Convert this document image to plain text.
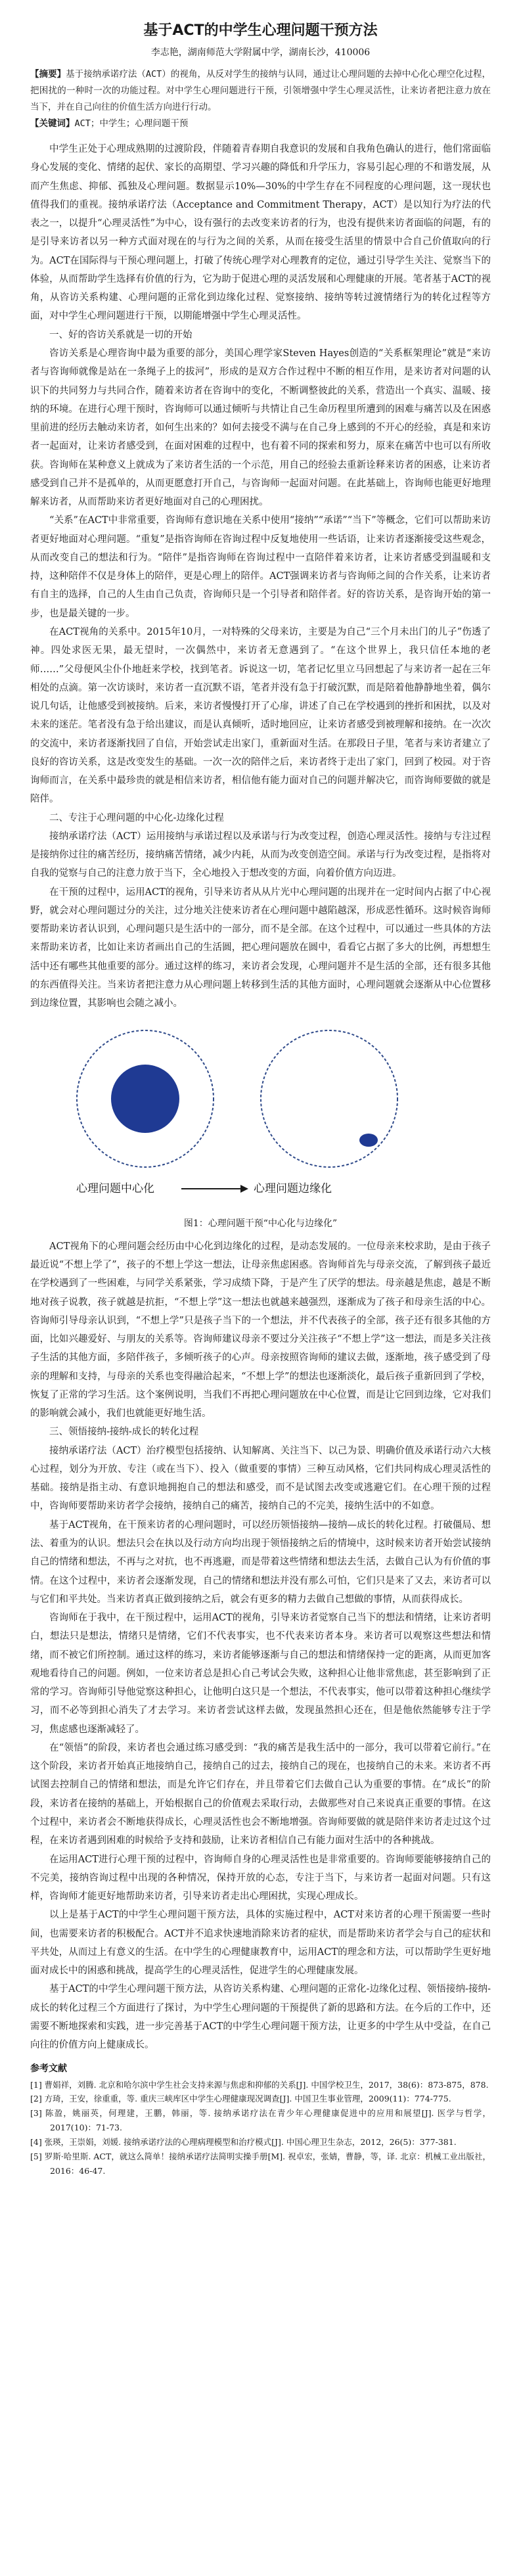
基于ACT的中学生心理问题干预方法
李志艳，湖南师范大学附属中学，湖南长沙，410006
【摘要】基于接纳承诺疗法（ACT）的视角，从反对学生的接纳与认同，通过让心理问题的去掉中心化心理空化过程，把困扰的一种时一次的功能过程。对中学生心理问题进行干预，引领增强中学生心理灵活性，让来访者把注意力放在当下，并在自己向往的价值生活方向进行行动。
【关键词】ACT；中学生；心理问题干预

中学生正处于心理成熟期的过渡阶段，伴随着青春期自我意识的发展和自我角色确认的进行，他们常面临身心发展的变化、情绪的起伏、家长的高期望、学习兴趣的降低和升学压力，容易引起心理的不和谐发展，从而产生焦虑、抑郁、孤独及心理问题。数据显示10%—30%的中学生存在不同程度的心理问题，这一现状也值得我们的重视。接纳承诺疗法（Acceptance and Commitment Therapy，ACT）是以知行为疗法的代表之一，以提升“心理灵活性”为中心，设有强行的去改变来访者的行为，也没有提供来访者面临的问题，有的是引导来访者以另一种方式面对现在的与行为之间的关系，从而在接受生活里的情景中合自己价值取向的行为。ACT在国际得与干预心理问题上，打破了传统心理学对心理教育的定位，通过引导学生关注、觉察当下的体验，从而帮助学生选择有价值的行为，它为助于促进心理的灵活发展和心理健康的开展。笔者基于ACT的视角，从咨访关系构建、心理问题的正常化到边缘化过程、觉察接纳、接纳等转过渡情绪行为的转化过程等方面，对中学生心理问题进行干预，以期能增强中学生心理灵活性。

一、好的咨访关系就是一切的开始

咨访关系是心理咨询中最为重要的部分，美国心理学家Steven Hayes创造的“关系框架理论”就是“来访者与咨询师就像是站在一条绳子上的拔河”，形成的是双方合作过程中不断的相互作用，是来访者对问题的认识下的共同努力与共同合作，随着来访者在咨询中的变化，不断调整彼此的关系，营造出一个真实、温暖、接纳的环境。在进行心理干预时，咨询师可以通过倾听与共情让自己生命历程里所遭到的困难与痛苦以及在困惑里前进的经历去触动来访者，如何生出来的？如何去接受不满与在自己身上感到的不开心的经验，真是和来访者一起面对，让来访者感受到，在面对困难的过程中，也有着不同的探索和努力，原来在痛苦中也可以有所收获。咨询师在某种意义上就成为了来访者生活的一个示范，用自己的经验去重新诠释来访者的困惑，让来访者感受到自己并不是孤单的，从而更愿意打开自己，与咨询师一起面对问题。在此基础上，咨询师也能更好地理解来访者，从而帮助来访者更好地面对自己的心理困扰。

“关系”在ACT中非常重要，咨询师有意识地在关系中使用“接纳”“承诺”“当下”等概念，它们可以帮助来访者更好地面对心理问题。“重复”是指咨询师在咨询过程中反复地使用一些话语，让来访者逐渐接受这些观念，从而改变自己的想法和行为。“陪伴”是指咨询师在咨询过程中一直陪伴着来访者，让来访者感受到温暖和支持，这种陪伴不仅是身体上的陪伴，更是心理上的陪伴。ACT强调来访者与咨询师之间的合作关系，让来访者有自主的选择，自己的人生由自己负责，咨询师只是一个引导者和陪伴者。好的咨访关系，是咨询开始的第一步，也是最关键的一步。

在ACT视角的关系中。2015年10月，一对特殊的父母来访，主要是为自己“三个月未出门的儿子”伤透了神。四处求医无果，最无望时，一次偶然中，来访者无意遇到了。“在这个世界上，我只信任本地的老师……”父母便风尘仆仆地赶来学校，找到笔者。诉说这一切，笔者记忆里立马回想起了与来访者一起在三年相处的点滴。第一次访谈时，来访者一直沉默不语，笔者并没有急于打破沉默，而是陪着他静静地坐着，偶尔说几句话，让他感受到被接纳。后来，来访者慢慢打开了心扉，讲述了自己在学校遇到的挫折和困扰，以及对未来的迷茫。笔者没有急于给出建议，而是认真倾听，适时地回应，让来访者感受到被理解和接纳。在一次次的交流中，来访者逐渐找回了自信，开始尝试走出家门，重新面对生活。在那段日子里，笔者与来访者建立了良好的咨访关系，这是改变发生的基础。一次一次的陪伴之后，来访者终于走出了家门，回到了校园。对于咨询师而言，在关系中最珍贵的就是相信来访者，相信他有能力面对自己的问题并解决它，而咨询师要做的就是陪伴。

二、专注于心理问题的中心化-边缘化过程

接纳承诺疗法（ACT）运用接纳与承诺过程以及承诺与行为改变过程，创造心理灵活性。接纳与专注过程是接纳你过往的痛苦经历，接纳痛苦情绪，减少内耗，从而为改变创造空间。承诺与行为改变过程，是指将对自我的觉察与自己的注意力放于当下，全心地投入于想改变的方面，向着价值方向迈进。

在干预的过程中，运用ACT的视角，引导来访者从从片光中心理问题的出现并在一定时间内占据了中心视野，就会对心理问题过分的关注，过分地关注使来访者在心理问题中越陷越深，形成恶性循环。这时候咨询师要帮助来访者认识到，心理问题只是生活中的一部分，而不是全部。在这个过程中，可以通过一些具体的方法来帮助来访者，比如让来访者画出自己的生活圆，把心理问题放在圆中，看看它占据了多大的比例，再想想生活中还有哪些其他重要的部分。通过这样的练习，来访者会发现，心理问题并不是生活的全部，还有很多其他的东西值得关注。当来访者把注意力从心理问题上转移到生活的其他方面时，心理问题就会逐渐从中心位置移到边缘位置，其影响也会随之减小。

心理问题中心化	心理问题边缘化
图1：心理问题干预“中心化与边缘化”

ACT视角下的心理问题会经历由中心化到边缘化的过程，是动态发展的。一位母亲来校求助，是由于孩子最近说“不想上学了”，孩子的不想上学这一想法，让母亲焦虑困惑。咨询师首先与母亲交流，了解到孩子最近在学校遇到了一些困难，与同学关系紧张，学习成绩下降，于是产生了厌学的想法。母亲越是焦虑，越是不断地对孩子说教，孩子就越是抗拒，“不想上学”这一想法也就越来越强烈，逐渐成为了孩子和母亲生活的中心。咨询师引导母亲认识到，“不想上学”只是孩子当下的一个想法，并不代表孩子的全部，孩子还有很多其他的方面，比如兴趣爱好、与朋友的关系等。咨询师建议母亲不要过分关注孩子“不想上学”这一想法，而是多关注孩子生活的其他方面，多陪伴孩子，多倾听孩子的心声。母亲按照咨询师的建议去做，逐渐地，孩子感受到了母亲的理解和支持，与母亲的关系也变得融洽起来，“不想上学”的想法也逐渐淡化，最后孩子重新回到了学校，恢复了正常的学习生活。这个案例说明，当我们不再把心理问题放在中心位置，而是让它回到边缘，它对我们的影响就会减小，我们也就能更好地生活。

三、领悟接纳-接纳-成长的转化过程

接纳承诺疗法（ACT）治疗模型包括接纳、认知解离、关注当下、以己为景、明确价值及承诺行动六大核心过程，划分为开放、专注（或在当下）、投入（做重要的事情）三种互动风格，它们共同构成心理灵活性的基础。接纳是指主动、有意识地拥抱自己的想法和感受，而不是试图去改变或逃避它们。在心理干预的过程中，咨询师要帮助来访者学会接纳，接纳自己的痛苦，接纳自己的不完美，接纳生活中的不如意。

基于ACT视角，在干预来访者的心理问题时，可以经历领悟接纳—接纳—成长的转化过程。打破僵局、想法、着重为的认识。想法只会在执以及行动方向均出现于领悟接纳之后的情境中，这时候来访者开始尝试接纳自己的情绪和想法，不再与之对抗，也不再逃避，而是带着这些情绪和想法去生活，去做自己认为有价值的事情。在这个过程中，来访者会逐渐发现，自己的情绪和想法并没有那么可怕，它们只是来了又去，来访者可以与它们和平共处。当来访者真正做到接纳之后，就会有更多的精力去做自己想做的事情，从而获得成长。

咨询师在于我中，在干预过程中，运用ACT的视角，引导来访者觉察自己当下的想法和情绪，让来访者明白，想法只是想法，情绪只是情绪，它们不代表事实，也不代表来访者本身。来访者可以观察这些想法和情绪，而不被它们所控制。通过这样的练习，来访者能够逐渐与自己的想法和情绪保持一定的距离，从而更加客观地看待自己的问题。例如，一位来访者总是担心自己考试会失败，这种担心让他非常焦虑，甚至影响到了正常的学习。咨询师引导他觉察这种担心，让他明白这只是一个想法，不代表事实，他可以带着这种担心继续学习，而不必等到担心消失了才去学习。来访者尝试这样去做，发现虽然担心还在，但是他依然能够专注于学习，焦虑感也逐渐减轻了。

在“领悟”的阶段，来访者也会通过练习感受到：“我的痛苦是我生活中的一部分，我可以带着它前行。”在这个阶段，来访者开始真正地接纳自己，接纳自己的过去，接纳自己的现在，也接纳自己的未来。来访者不再试图去控制自己的情绪和想法，而是允许它们存在，并且带着它们去做自己认为重要的事情。在“成长”的阶段，来访者在接纳的基础上，开始根据自己的价值观去采取行动，去做那些对自己来说真正重要的事情。在这个过程中，来访者会不断地获得成长，心理灵活性也会不断地增强。咨询师要做的就是陪伴来访者走过这个过程，在来访者遇到困难的时候给予支持和鼓励，让来访者相信自己有能力面对生活中的各种挑战。

在运用ACT进行心理干预的过程中，咨询师自身的心理灵活性也是非常重要的。咨询师要能够接纳自己的不完美，接纳咨询过程中出现的各种情况，保持开放的心态，专注于当下，与来访者一起面对问题。只有这样，咨询师才能更好地帮助来访者，引导来访者走出心理困扰，实现心理成长。

以上是基于ACT的中学生心理问题干预方法，具体的实施过程中，ACT对来访者的心理干预需要一些时间，也需要来访者的积极配合。ACT并不追求快速地消除来访者的症状，而是帮助来访者学会与自己的症状和平共处，从而过上有意义的生活。在中学生的心理健康教育中，运用ACT的理念和方法，可以帮助学生更好地面对成长中的困惑和挑战，提高学生的心理灵活性，促进学生的心理健康发展。

基于ACT的中学生心理问题干预方法，从咨访关系构建、心理问题的正常化-边缘化过程、领悟接纳-接纳-成长的转化过程三个方面进行了探讨，为中学生心理问题的干预提供了新的思路和方法。在今后的工作中，还需要不断地探索和实践，进一步完善基于ACT的中学生心理问题干预方法，让更多的中学生从中受益，在自己向往的价值方向上健康成长。

参考文献
[1] 曹娟祥，刘腾. 北京和哈尔滨中学生社会支持来源与焦虑和抑郁的关系[J]. 中国学校卫生，2017，38(6)：873-875，878.
[2] 方琦，王安，徐重重，等. 重庆三峡库区中学生心理健康现况调查[J]. 中国卫生事业管理，2009(11)：774-775.
[3] 陈盈，姚丽英，何理建，王鹏，韩丽，等. 接纳承诺疗法在青少年心理健康促进中的应用和展望[J]. 医学与哲学，2017(10)：71-73.
[4] 张瑛，王崇娟，刘媛. 接纳承诺疗法的心理病理模型和治疗模式[J]. 中国心理卫生杂志，2012，26(5)：377-381.
[5] 罗斯·哈里斯. ACT，就这么简单！接纳承诺疗法简明实操手册[M]. 祝卓宏，张婧，曹静，等，译. 北京：机械工业出版社，2016：46-47.
